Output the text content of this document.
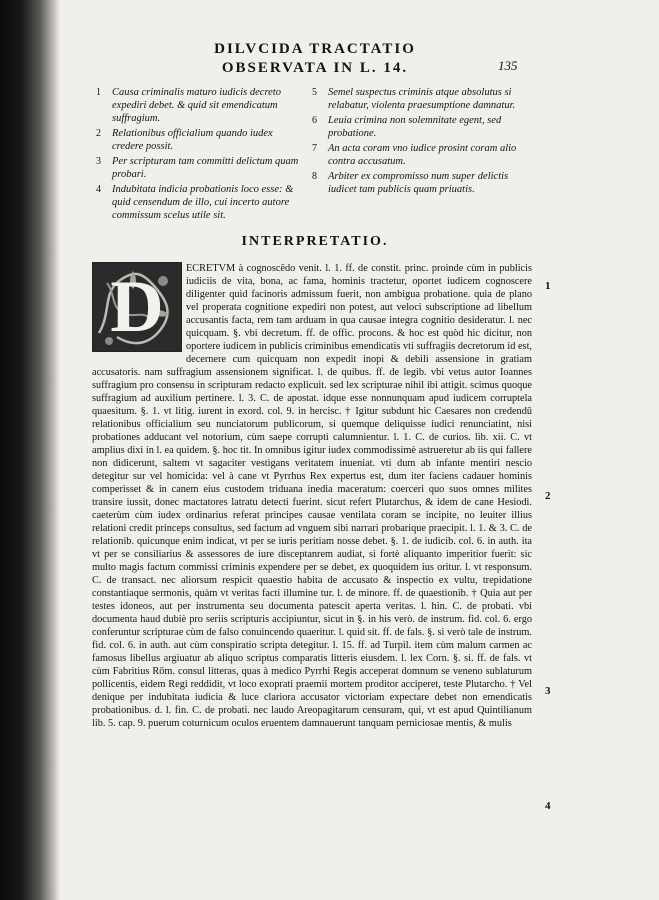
DILVCIDA TRACTATIO
OBSERVATA IN L. 14.	135
1	Causa criminalis maturo iudicis decreto expediri debet. & quid sit emendicatum suffragium.
2	Relationibus officialium quando iudex credere possit.
3	Per scripturam tam committi delictum quam probari.
4	Indubitata indicia probationis loco esse: & quid censendum de illo, cui incerto autore commissum scelus utile sit.
5	Semel suspectus criminis atque absolutus si relabatur, violenta praesumptione damnatur.
6	Leuia crimina non solemnitate egent, sed probatione.
7	An acta coram vno iudice prosint coram alio contra accusatum.
8	Arbiter ex compromisso num super delictis iudicet tam publicis quam priuatis.
INTERPRETATIO.
D	ECRETVM à cognoscēdo venit. l. 1. ff. de constit. princ. proinde cùm in publicis iudiciis de vita, bona, ac fama, hominis tractetur, oportet iudicem cognoscere diligenter quid facinoris admissum fuerit, non ambigua probatione. quia de plano vel properata cognitione expediri non potest, aut veloci subscriptione ad libellum accusantis facta, rem tam arduam in qua causae integra cognitio desideratur. l. nec quicquam. §. vbi decretum. ff. de offic. procons. & hoc est quòd hic dicitur, non oportere iudicem in publicis criminibus emendicatis vti suffragiis decretorum id est, decernere cum quicquam non expedit inopi & debili assensione in gratiam accusatoris. nam suffragium assensionem significat. l. de quibus. ff. de legib. vbi vetus autor Ioannes suffragium pro consensu in scripturam redacto explicuit. sed lex scripturae nihil ibi attigit. scimus quoque suffragium ad auxilium pertinere. l. 3. C. de apostat. idque esse nonnunquam apud iudicem corruptela quaesitum. §. 1. vt litig. iurent in exord. col. 9. in hercisc. † Igitur subdunt hic Caesares non credendū relationibus officialium seu nunciatorum publicorum, si quemque deliquisse iudici renunciatint, nisi probationes adducant vel notorium, cùm saepe corrupti calumnientur. l. 1. C. de curios. lib. xii. C. vt amplius dixi in l. ea quidem. §. hoc tit. In omnibus igitur iudex commodissimè astrueretur ab iis qui fallere non didicerunt, saltem vt sagaciter vestigans veritatem inueniat. vti dum ab infante mentiri nescio detegitur sur vel homicida: vel à cane vt Pyrrhus Rex expertus est, dum iter faciens cadauer hominis comperisset & in canem eius custodem triduana inedia maceratum: coerceri quo suos omnes milites transire iussit, donec mactatores latratu detecti fuerint. sicut refert Plutarchus, & idem de cane Hesiodi. caeterùm cùm iudex ordinarius referat principes causae ventilata coram se incipite, no leuiter illius relationi credit princeps consultus, sed factum ad vnguem sibi narrari probarique praecipit. l. 1. & 3. C. de relationib. quicunque enim indicat, vt per se iuris peritiam nosse debet. §. 1. de iudicib. col. 6. in auth. ita vt per se consiliarius & assessores de iure disceptanrem audiat, si fortè aliquanto imperitior fuerit: sic multo magis factum commissi criminis expendere per se debet, ex quoquidem ius oritur. l. vt responsum. C. de transact. nec aliorsum respicit quaestio habita de accusato & inspectio ex vultu, trepidatione constantiaque sermonis, quàm vt veritas facti illumine tur. l. de minore. ff. de quaestionib. † Quia aut per testes idoneos, aut per instrumenta seu documenta patescit aperta veritas. l. hin. C. de probati. vbi documenta haud dubiè pro seriis scripturis accipiuntur, sicut in §. in his verò. de instrum. fid. col. 6. ergo conferuntur scripturae cùm de falso conuincendo quaeritur. l. quid sit. ff. de fals. §. si verò tale de instrum. fid. col. 6. in auth. aut cùm conspiratio scripta detegitur. l. 15. ff. ad Turpil. item cùm malum carmen ac famosus libellus argiuatur ab aliquo scriptus comparatis litteris eiusdem. l. lex Corn. §. si. ff. de fals. vt cùm Fabritius Rōm. consul litteras, quas à medico Pyrrhi Regis acceperat domnum se veneno sublaturum pollicentis, eidem Regi reddidit, vt loco exoprati praemii mortem proditor acciperet, teste Plutarcho. † Vel denique per indubitata iudicia & luce clariora accusator victoriam expectare debet non emendicatis probationibus. d. l. fin. C. de probati. nec laudo Areopagitarum censuram, qui, vt est apud Quintilianum lib. 5. cap. 9. puerum coturnicum oculos eruentem damnauerunt tanquam perniciosae mentis, & mulis
1
2
3
4
